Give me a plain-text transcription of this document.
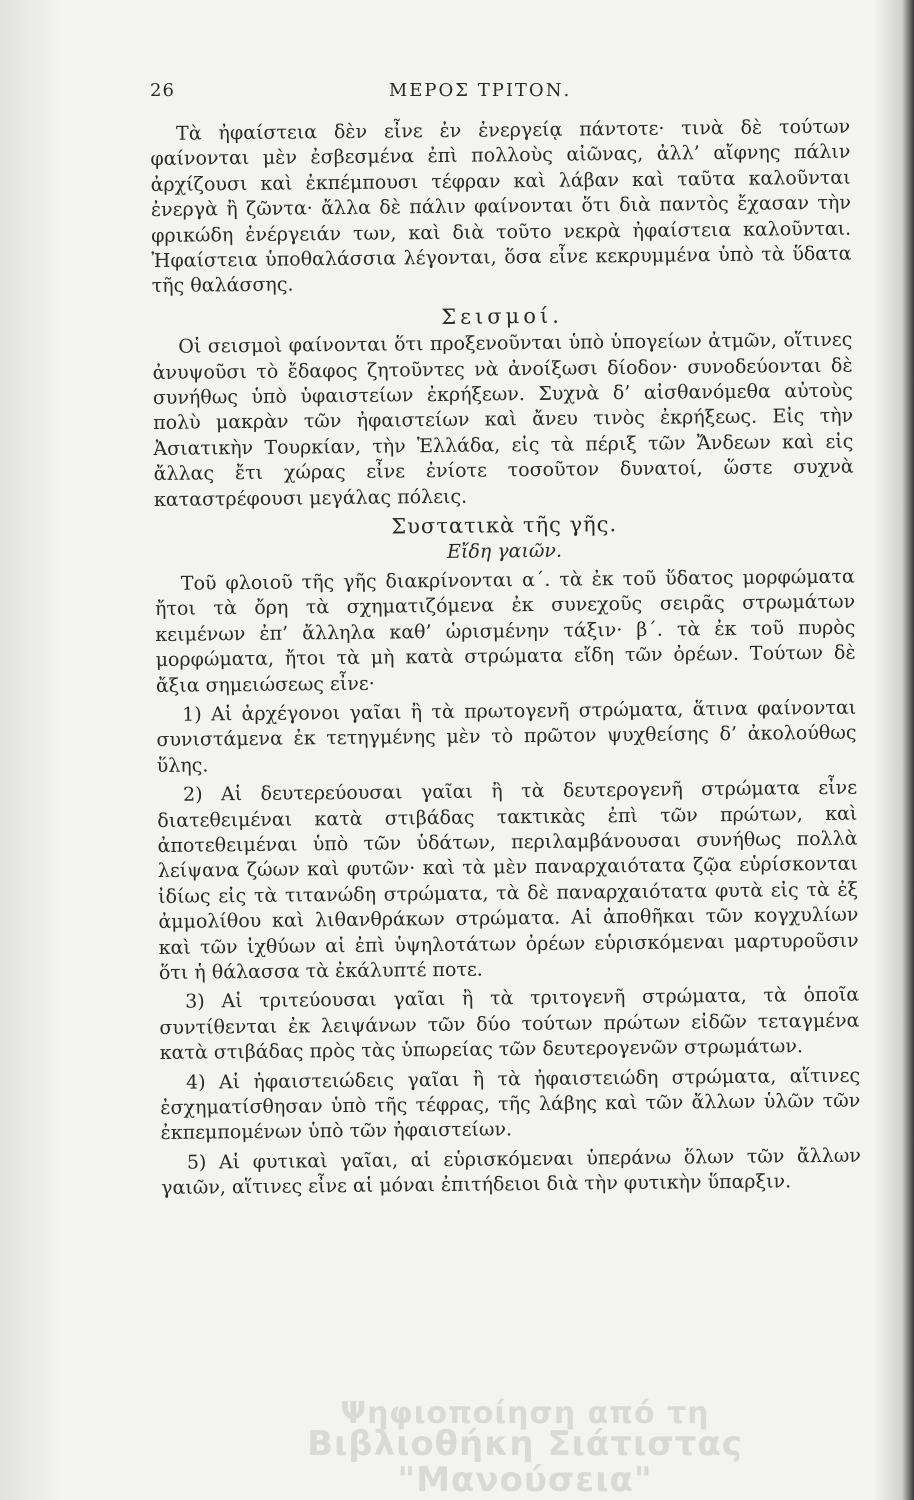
26	ΜΕΡΟΣ ΤΡΙΤΟΝ.

Τὰ ἠφαίστεια δὲν εἶνε ἐν ἐνεργείᾳ πάντοτε· τινὰ δὲ τούτων φαίνονται μὲν ἐσβεσμένα ἐπὶ πολλοὺς αἰῶνας, ἀλλ’ αἴφνης πάλιν ἀρχίζουσι καὶ ἐκπέμπουσι τέφραν καὶ λάβαν καὶ ταῦτα καλοῦνται ἐνεργὰ ἢ ζῶντα· ἄλλα δὲ πάλιν φαίνονται ὅτι διὰ παντὸς ἔχασαν τὴν φρικώδη ἐνέργειάν των, καὶ διὰ τοῦτο νεκρὰ ἠφαίστεια καλοῦνται. Ἠφαίστεια ὑποθαλάσσια λέγονται, ὅσα εἶνε κεκρυμμένα ὑπὸ τὰ ὕδατα τῆς θαλάσσης.

Σεισμοί.

Οἱ σεισμοὶ φαίνονται ὅτι προξενοῦνται ὑπὸ ὑπογείων ἀτμῶν, οἵτινες ἀνυψοῦσι τὸ ἔδαφος ζητοῦντες νὰ ἀνοίξωσι δίοδον· συνοδεύονται δὲ συνήθως ὑπὸ ὑφαιστείων ἐκρήξεων. Συχνὰ δ’ αἰσθανόμεθα αὐτοὺς πολὺ μακρὰν τῶν ἠφαιστείων καὶ ἄνευ τινὸς ἐκρήξεως. Εἰς τὴν Ἀσιατικὴν Τουρκίαν, τὴν Ἑλλάδα, εἰς τὰ πέριξ τῶν Ἄνδεων καὶ εἰς ἄλλας ἔτι χώρας εἶνε ἐνίοτε τοσοῦτον δυνατοί, ὥστε συχνὰ καταστρέφουσι μεγάλας πόλεις.

Συστατικὰ τῆς γῆς.
Εἴδη γαιῶν.

Τοῦ φλοιοῦ τῆς γῆς διακρίνονται α΄. τὰ ἐκ τοῦ ὕδατος μορφώματα ἤτοι τὰ ὄρη τὰ σχηματιζόμενα ἐκ συνεχοῦς σειρᾶς στρωμάτων κειμένων ἐπ’ ἄλληλα καθ’ ὡρισμένην τάξιν· β΄. τὰ ἐκ τοῦ πυρὸς μορφώματα, ἤτοι τὰ μὴ κατὰ στρώματα εἴδη τῶν ὀρέων. Τούτων δὲ ἄξια σημειώσεως εἶνε·

1) Αἱ ἀρχέγονοι γαῖαι ἢ τὰ πρωτογενῆ στρώματα, ἅτινα φαίνονται συνιστάμενα ἐκ τετηγμένης μὲν τὸ πρῶτον ψυχθείσης δ’ ἀκολούθως ὕλης.

2) Αἱ δευτερεύουσαι γαῖαι ἢ τὰ δευτερογενῆ στρώματα εἶνε διατεθειμέναι κατὰ στιβάδας τακτικὰς ἐπὶ τῶν πρώτων, καὶ ἀποτεθειμέναι ὑπὸ τῶν ὑδάτων, περιλαμβάνουσαι συνήθως πολλὰ λείψανα ζώων καὶ φυτῶν· καὶ τὰ μὲν παναρχαιότατα ζῷα εὑρίσκονται ἰδίως εἰς τὰ τιτανώδη στρώματα, τὰ δὲ παναρχαιότατα φυτὰ εἰς τὰ ἐξ ἀμμολίθου καὶ λιθανθράκων στρώματα. Αἱ ἀποθῆκαι τῶν κογχυλίων καὶ τῶν ἰχθύων αἱ ἐπὶ ὑψηλοτάτων ὀρέων εὑρισκόμεναι μαρτυροῦσιν ὅτι ἡ θάλασσα τὰ ἐκάλυπτέ ποτε.

3) Αἱ τριτεύουσαι γαῖαι ἢ τὰ τριτογενῆ στρώματα, τὰ ὁποῖα συντίθενται ἐκ λειψάνων τῶν δύο τούτων πρώτων εἰδῶν τεταγμένα κατὰ στιβάδας πρὸς τὰς ὑπωρείας τῶν δευτερογενῶν στρωμάτων.

4) Αἱ ἠφαιστειώδεις γαῖαι ἢ τὰ ἠφαιστειώδη στρώματα, αἵτινες ἐσχηματίσθησαν ὑπὸ τῆς τέφρας, τῆς λάβης καὶ τῶν ἄλλων ὑλῶν τῶν ἐκπεμπομένων ὑπὸ τῶν ἠφαιστείων.

5) Αἱ φυτικαὶ γαῖαι, αἱ εὑρισκόμεναι ὑπεράνω ὅλων τῶν ἄλλων γαιῶν, αἵτινες εἶνε αἱ μόναι ἐπιτήδειοι διὰ τὴν φυτικὴν ὕπαρξιν.

Ψηφιοποίηση από τη
Βιβλιοθήκη Σιάτιστας "Μανούσεια"
